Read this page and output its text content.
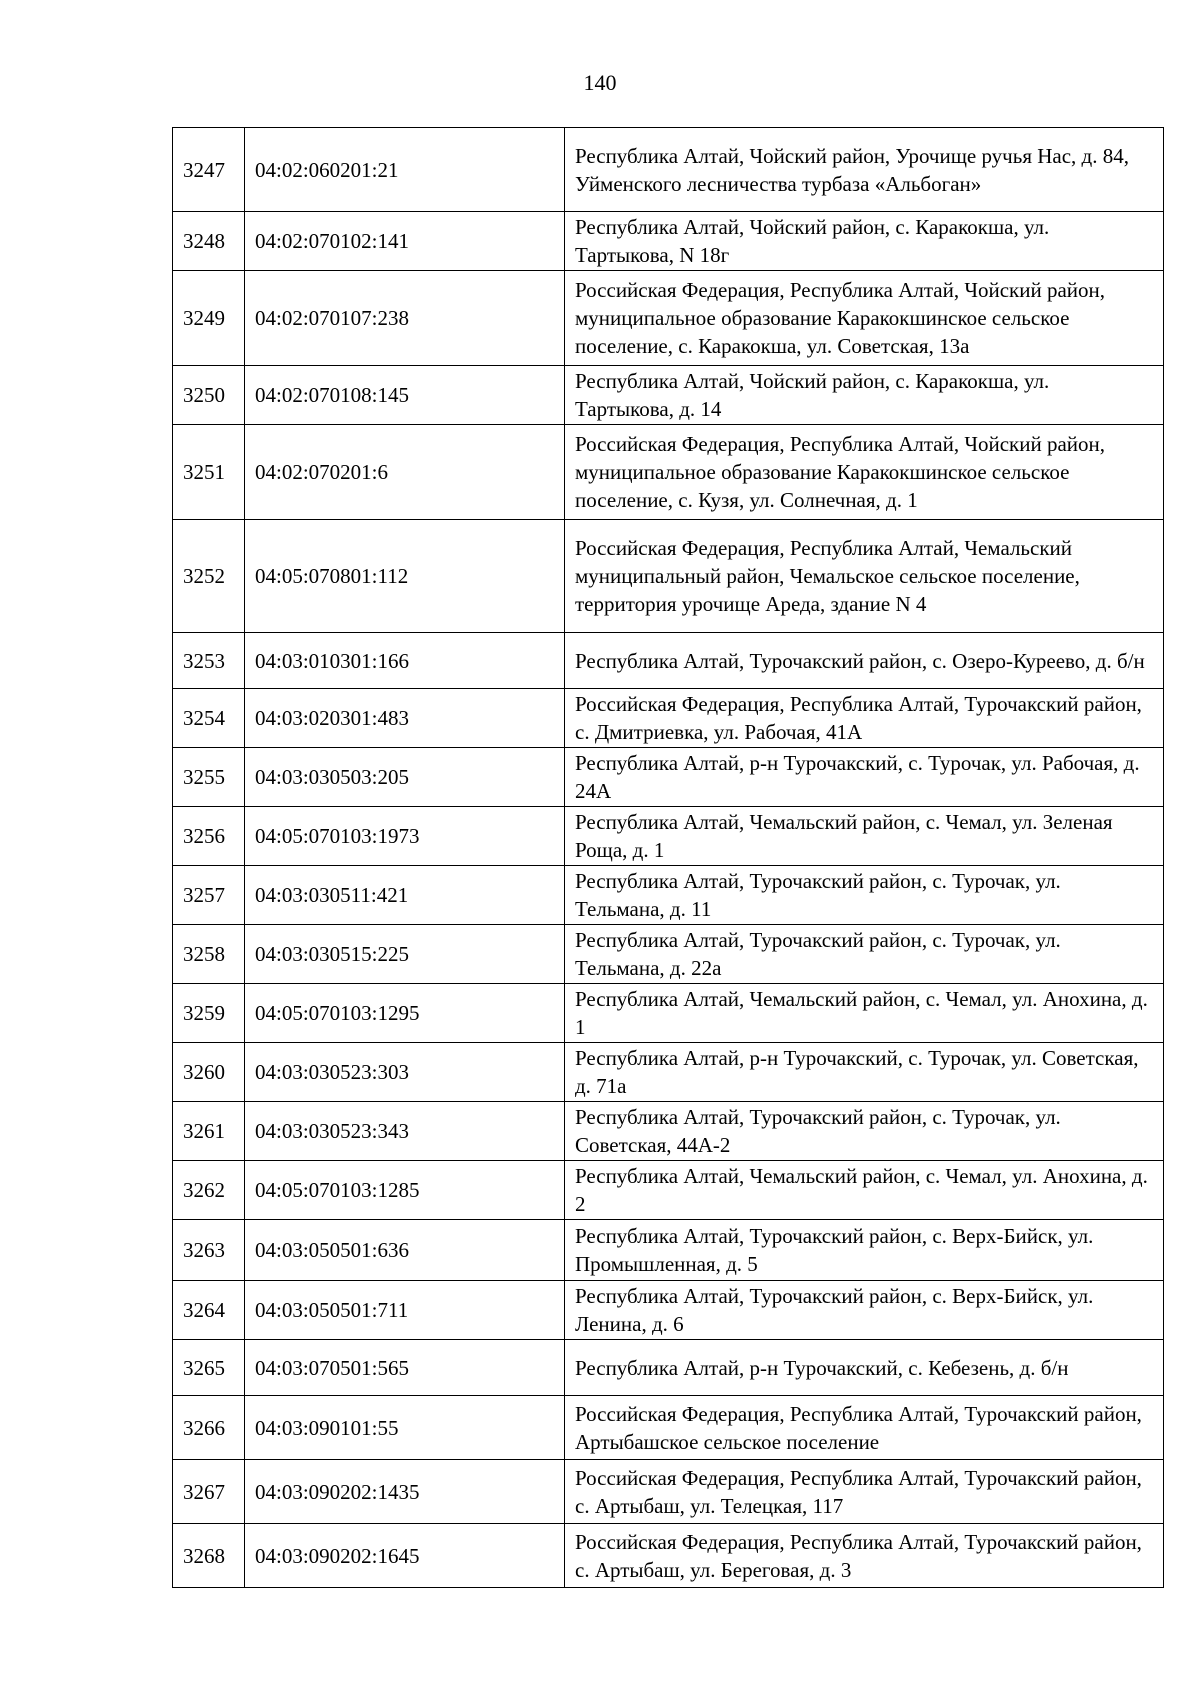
140
3247	04:02:060201:21	Республика Алтай, Чойский район, Урочище ручья Нас, д. 84, Уйменского лесничества турбаза «Альбоган»
3248	04:02:070102:141	Республика Алтай, Чойский район, с. Каракокша, ул. Тартыкова, N 18г
3249	04:02:070107:238	Российская Федерация, Республика Алтай, Чойский район, муниципальное образование Каракокшинское сельское поселение, с. Каракокша, ул. Советская, 13а
3250	04:02:070108:145	Республика Алтай, Чойский район, с. Каракокша, ул. Тартыкова, д. 14
3251	04:02:070201:6	Российская Федерация, Республика Алтай, Чойский район, муниципальное образование Каракокшинское сельское поселение, с. Кузя, ул. Солнечная, д. 1
3252	04:05:070801:112	Российская Федерация, Республика Алтай, Чемальский муниципальный район, Чемальское сельское поселение, территория урочище Ареда, здание N 4
3253	04:03:010301:166	Республика Алтай, Турочакский район, с. Озеро-Куреево, д. б/н
3254	04:03:020301:483	Российская Федерация, Республика Алтай, Турочакский район, с. Дмитриевка, ул. Рабочая, 41А
3255	04:03:030503:205	Республика Алтай, р-н Турочакский, с. Турочак, ул. Рабочая, д. 24А
3256	04:05:070103:1973	Республика Алтай, Чемальский район, с. Чемал, ул. Зеленая Роща, д. 1
3257	04:03:030511:421	Республика Алтай, Турочакский район, с. Турочак, ул. Тельмана, д. 11
3258	04:03:030515:225	Республика Алтай, Турочакский район, с. Турочак, ул. Тельмана, д. 22а
3259	04:05:070103:1295	Республика Алтай, Чемальский район, с. Чемал, ул. Анохина, д. 1
3260	04:03:030523:303	Республика Алтай, р-н Турочакский, с. Турочак, ул. Советская, д. 71а
3261	04:03:030523:343	Республика Алтай, Турочакский район, с. Турочак, ул. Советская, 44А-2
3262	04:05:070103:1285	Республика Алтай, Чемальский район, с. Чемал, ул. Анохина, д. 2
3263	04:03:050501:636	Республика Алтай, Турочакский район, с. Верх-Бийск, ул. Промышленная, д. 5
3264	04:03:050501:711	Республика Алтай, Турочакский район, с. Верх-Бийск, ул. Ленина, д. 6
3265	04:03:070501:565	Республика Алтай, р-н Турочакский, с. Кебезень, д. б/н
3266	04:03:090101:55	Российская Федерация, Республика Алтай, Турочакский район, Артыбашское сельское поселение
3267	04:03:090202:1435	Российская Федерация, Республика Алтай, Турочакский район, с. Артыбаш, ул. Телецкая, 117
3268	04:03:090202:1645	Российская Федерация, Республика Алтай, Турочакский район, с. Артыбаш, ул. Береговая, д. 3
